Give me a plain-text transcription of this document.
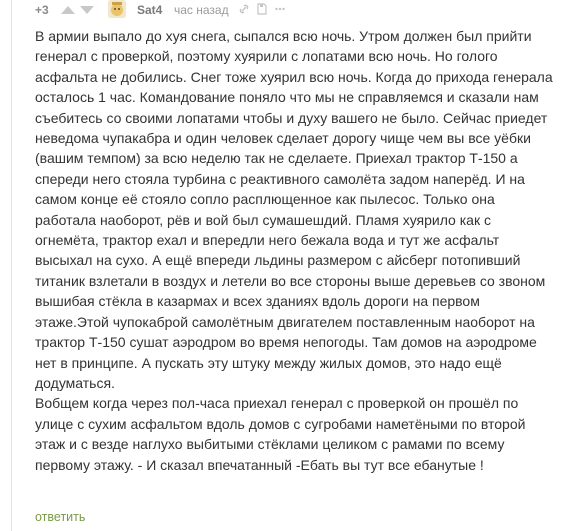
+3	Sat4 час назад
В армии выпало до хуя снега, сыпался всю ночь. Утром должен был прийти
генерал с проверкой, поэтому хуярили с лопатами всю ночь. Но голого
асфальта не добились. Снег тоже хуярил всю ночь. Когда до прихода генерала
осталось 1 час. Командование поняло что мы не справляемся и сказали нам
съебитесь со своими лопатами чтобы и духу вашего не было. Сейчас приедет
неведома чупакабра и один человек сделает дорогу чище чем вы все уёбки
(вашим темпом) за всю неделю так не сделаете. Приехал трактор Т-150 а
спереди него стояла турбина с реактивного самолёта задом наперёд. И на
самом конце её стояло сопло расплющенное как пылесос. Только она
работала наоборот, рёв и вой был сумашешдий. Пламя хуярило как с
огнемёта, трактор ехал и впередли него бежала вода и тут же асфальт
высыхал на сухо. А ещё впереди льдины размером с айсберг потопивший
титаник взлетали в воздух и летели во все стороны выше деревьев со звоном
вышибая стёкла в казармах и всех зданиях вдоль дороги на первом
этаже.Этой чупокаброй самолётным двигателем поставленным наоборот на
трактор Т-150 сушат аэродром во время непогоды. Там домов на аэродроме
нет в принципе. А пускать эту штуку между жилых домов, это надо ещё
додуматься.
Вобщем когда через пол-часа приехал генерал с проверкой он прошёл по
улице с сухим асфальтом вдоль домов с сугробами наметёными по второй
этаж и с везде наглухо выбитыми стёклами целиком с рамами по всему
первому этажу. - И сказал впечатанный -Ебать вы тут все ебанутые !
ответить
